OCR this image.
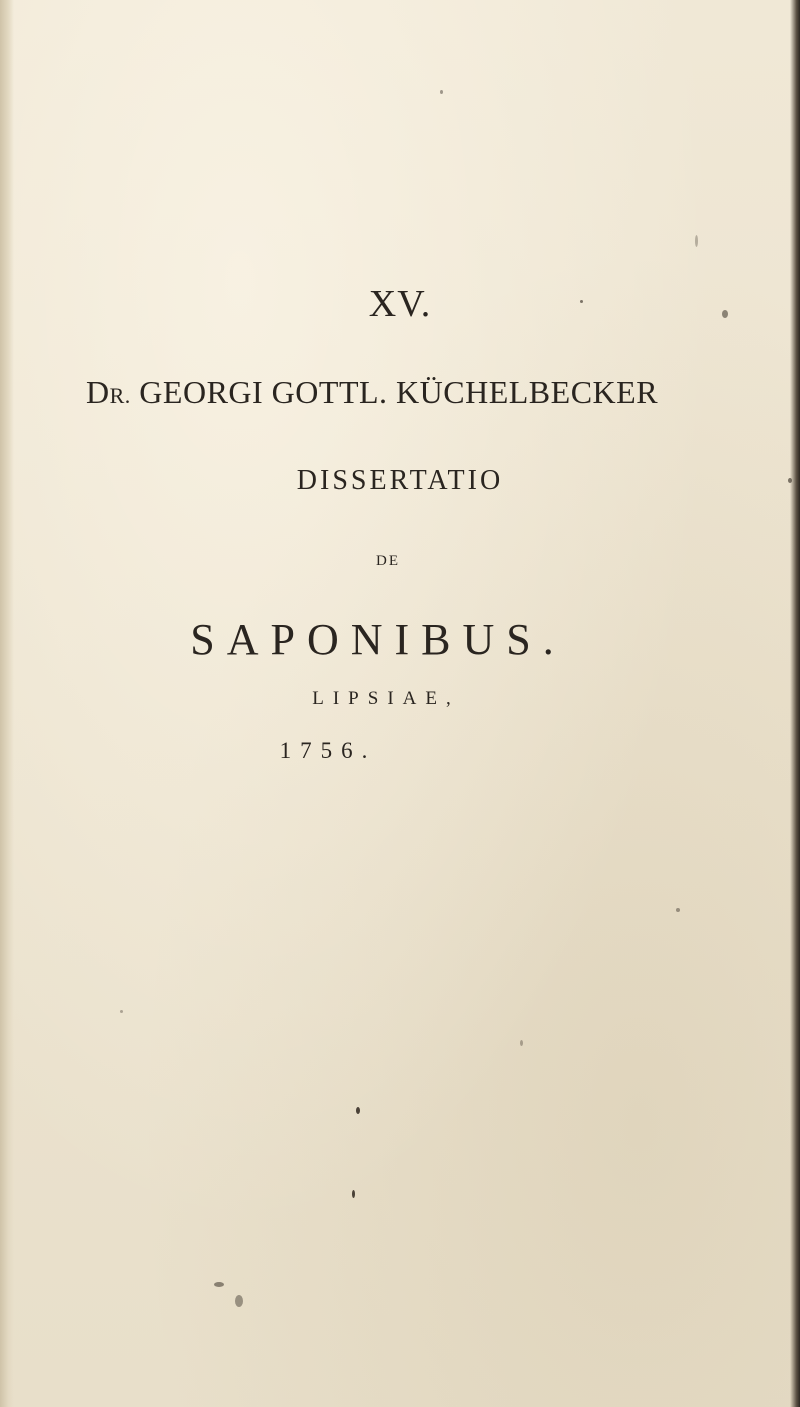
XV.
DR. GEORGI GOTTL. KÜCHELBECKER
DISSERTATIO
DE
SAPONIBUS.
LIPSIAE,
1756.
